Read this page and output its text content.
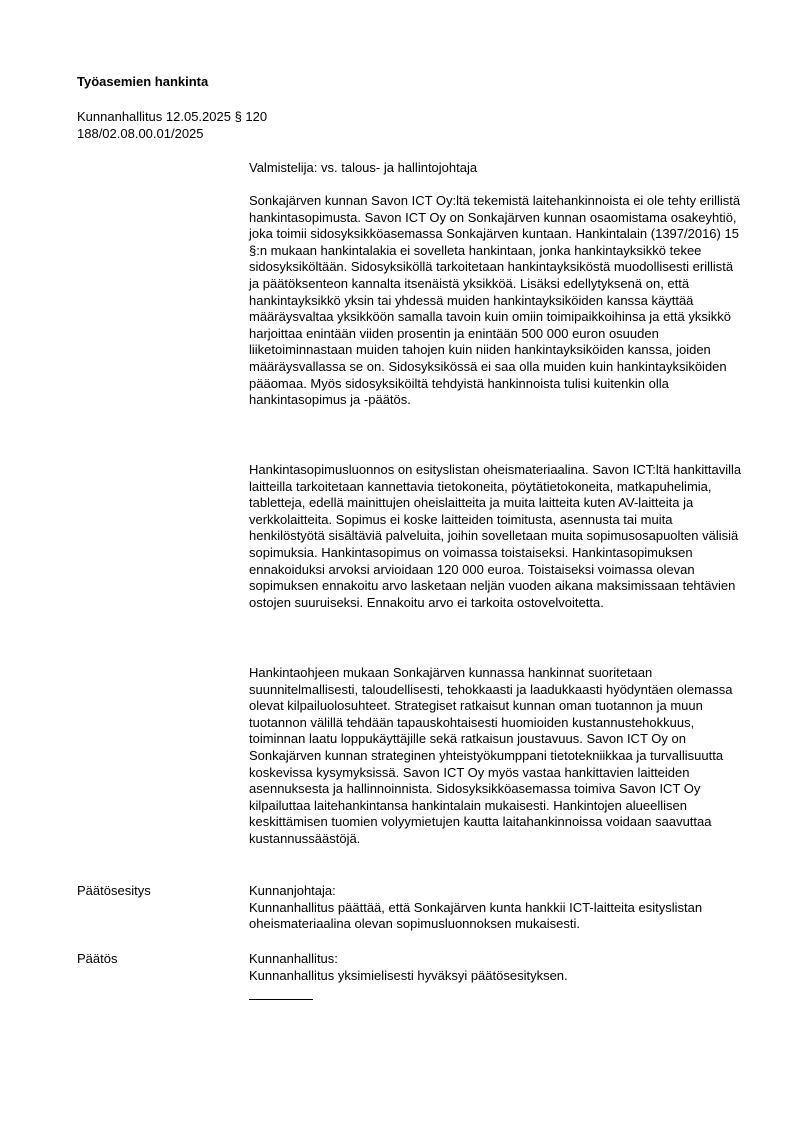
Työasemien hankinta
Kunnanhallitus 12.05.2025 § 120
188/02.08.00.01/2025
Valmistelija: vs. talous- ja hallintojohtaja

Sonkajärven kunnan Savon ICT Oy:ltä tekemistä laitehankinnoista ei ole tehty erillistä hankintasopimusta. Savon ICT Oy on Sonkajärven kunnan osaomistama osakeyhtiö, joka toimii sidosyksikköasemassa Sonkajärven kuntaan. Hankintalain (1397/2016) 15 §:n mukaan hankintalakia ei sovelleta hankintaan, jonka hankintayksikkö tekee sidosyksiköltään. Sidosyksiköllä tarkoitetaan hankintayksiköstä muodollisesti erillistä ja päätöksenteon kannalta itsenäistä yksikköä. Lisäksi edellytyksenä on, että hankintayksikkö yksin tai yhdessä muiden hankintayksiköiden kanssa käyttää määräysvaltaa yksikköön samalla tavoin kuin omiin toimipaikkoihinsa ja että yksikkö harjoittaa enintään viiden prosentin ja enintään 500 000 euron osuuden liiketoiminnastaan muiden tahojen kuin niiden hankintayksiköiden kanssa, joiden määräysvallassa se on. Sidosyksikössä ei saa olla muiden kuin hankintayksiköiden pääomaa. Myös sidosyksiköiltä tehdyistä hankinnoista tulisi kuitenkin olla hankintasopimus ja -päätös.

Hankintasopimusluonnos on esityslistan oheismateriaalina. Savon ICT:ltä hankittavilla laitteilla tarkoitetaan kannettavia tietokoneita, pöytätietokoneita, matkapuhelimia, tabletteja, edellä mainittujen oheislaitteita ja muita laitteita kuten AV-laitteita ja verkkolaitteita. Sopimus ei koske laitteiden toimitusta, asennusta tai muita henkilöstyötä sisältäviä palveluita, joihin sovelletaan muita sopimusosapuolten välisiä sopimuksia. Hankintasopimus on voimassa toistaiseksi. Hankintasopimuksen ennakoiduksi arvoksi arvioidaan 120 000 euroa. Toistaiseksi voimassa olevan sopimuksen ennakoitu arvo lasketaan neljän vuoden aikana maksimissaan tehtävien ostojen suuruiseksi. Ennakoitu arvo ei tarkoita ostovelvoitetta.

Hankintaohjeen mukaan Sonkajärven kunnassa hankinnat suoritetaan suunnitelmallisesti, taloudellisesti, tehokkaasti ja laadukkaasti hyödyntäen olemassa olevat kilpailuolosuhteet. Strategiset ratkaisut kunnan oman tuotannon ja muun tuotannon välillä tehdään tapauskohtaisesti huomioiden kustannustehokkuus, toiminnan laatu loppukäyttäjille sekä ratkaisun joustavuus. Savon ICT Oy on Sonkajärven kunnan strateginen yhteistyökumppani tietotekniikkaa ja turvallisuutta koskevissa kysymyksissä. Savon ICT Oy myös vastaa hankittavien laitteiden asennuksesta ja hallinnoinnista. Sidosyksikköasemassa toimiva Savon ICT Oy kilpailuttaa laitehankintansa hankintalain mukaisesti. Hankintojen alueellisen keskittämisen tuomien volyymietujen kautta laitahankinnoissa voidaan saavuttaa kustannussäästöjä.

Päätösesitys	Kunnanjohtaja:
Kunnanhallitus päättää, että Sonkajärven kunta hankkii ICT-laitteita esityslistan oheismateriaalina olevan sopimusluonnoksen mukaisesti.
Päätös	Kunnanhallitus:
Kunnanhallitus yksimielisesti hyväksyi päätösesityksen.
